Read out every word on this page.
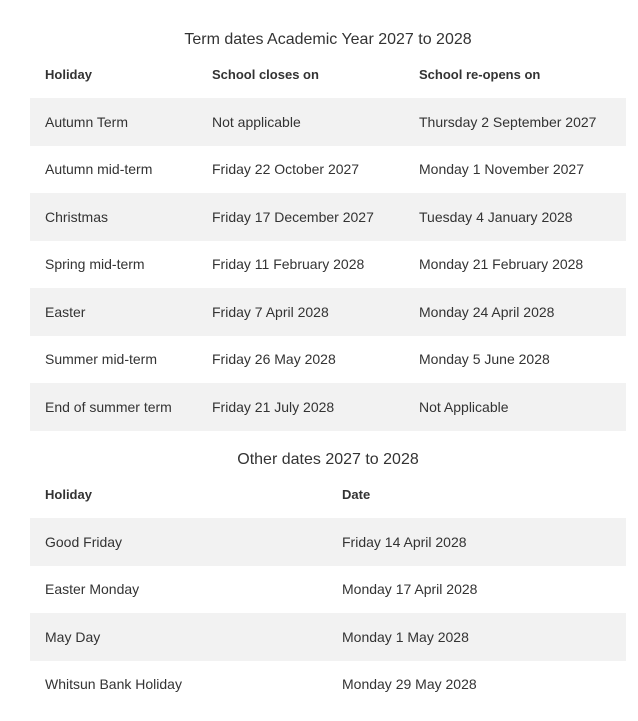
Term dates Academic Year 2027 to 2028
Holiday	School closes on	School re-opens on
Autumn Term	Not applicable	Thursday 2 September 2027
Autumn mid-term	Friday 22 October 2027	Monday 1 November 2027
Christmas	Friday 17 December 2027	Tuesday 4 January 2028
Spring mid-term	Friday 11 February 2028	Monday 21 February 2028
Easter	Friday 7 April 2028	Monday 24 April 2028
Summer mid-term	Friday 26 May 2028	Monday 5 June 2028
End of summer term	Friday 21 July 2028	Not Applicable
Other dates 2027 to 2028
Holiday	Date
Good Friday	Friday 14 April 2028
Easter Monday	Monday 17 April 2028
May Day	Monday 1 May 2028
Whitsun Bank Holiday	Monday 29 May 2028
